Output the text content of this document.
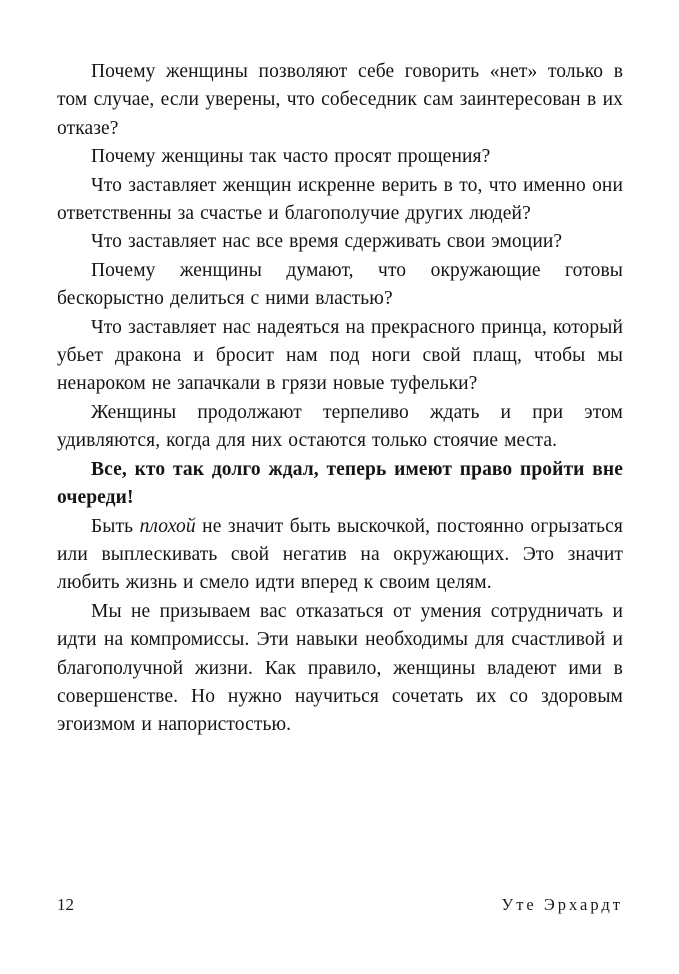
Почему женщины позволяют себе говорить «нет» только в том случае, если уверены, что собеседник сам заинтересован в их отказе?

Почему женщины так часто просят прощения?

Что заставляет женщин искренне верить в то, что именно они ответственны за счастье и благополучие других людей?

Что заставляет нас все время сдерживать свои эмоции?

Почему женщины думают, что окружающие готовы бескорыстно делиться с ними властью?

Что заставляет нас надеяться на прекрасного принца, который убьет дракона и бросит нам под ноги свой плащ, чтобы мы ненароком не запачкали в грязи новые туфельки?

Женщины продолжают терпеливо ждать и при этом удивляются, когда для них остаются только стоячие места.

Все, кто так долго ждал, теперь имеют право пройти вне очереди!

Быть плохой не значит быть выскочкой, постоянно огрызаться или выплескивать свой негатив на окружающих. Это значит любить жизнь и смело идти вперед к своим целям.

Мы не призываем вас отказаться от умения сотрудничать и идти на компромиссы. Эти навыки необходимы для счастливой и благополучной жизни. Как правило, женщины владеют ими в совершенстве. Но нужно научиться сочетать их со здоровым эгоизмом и напористостью.

12	Уте Эрхардт
